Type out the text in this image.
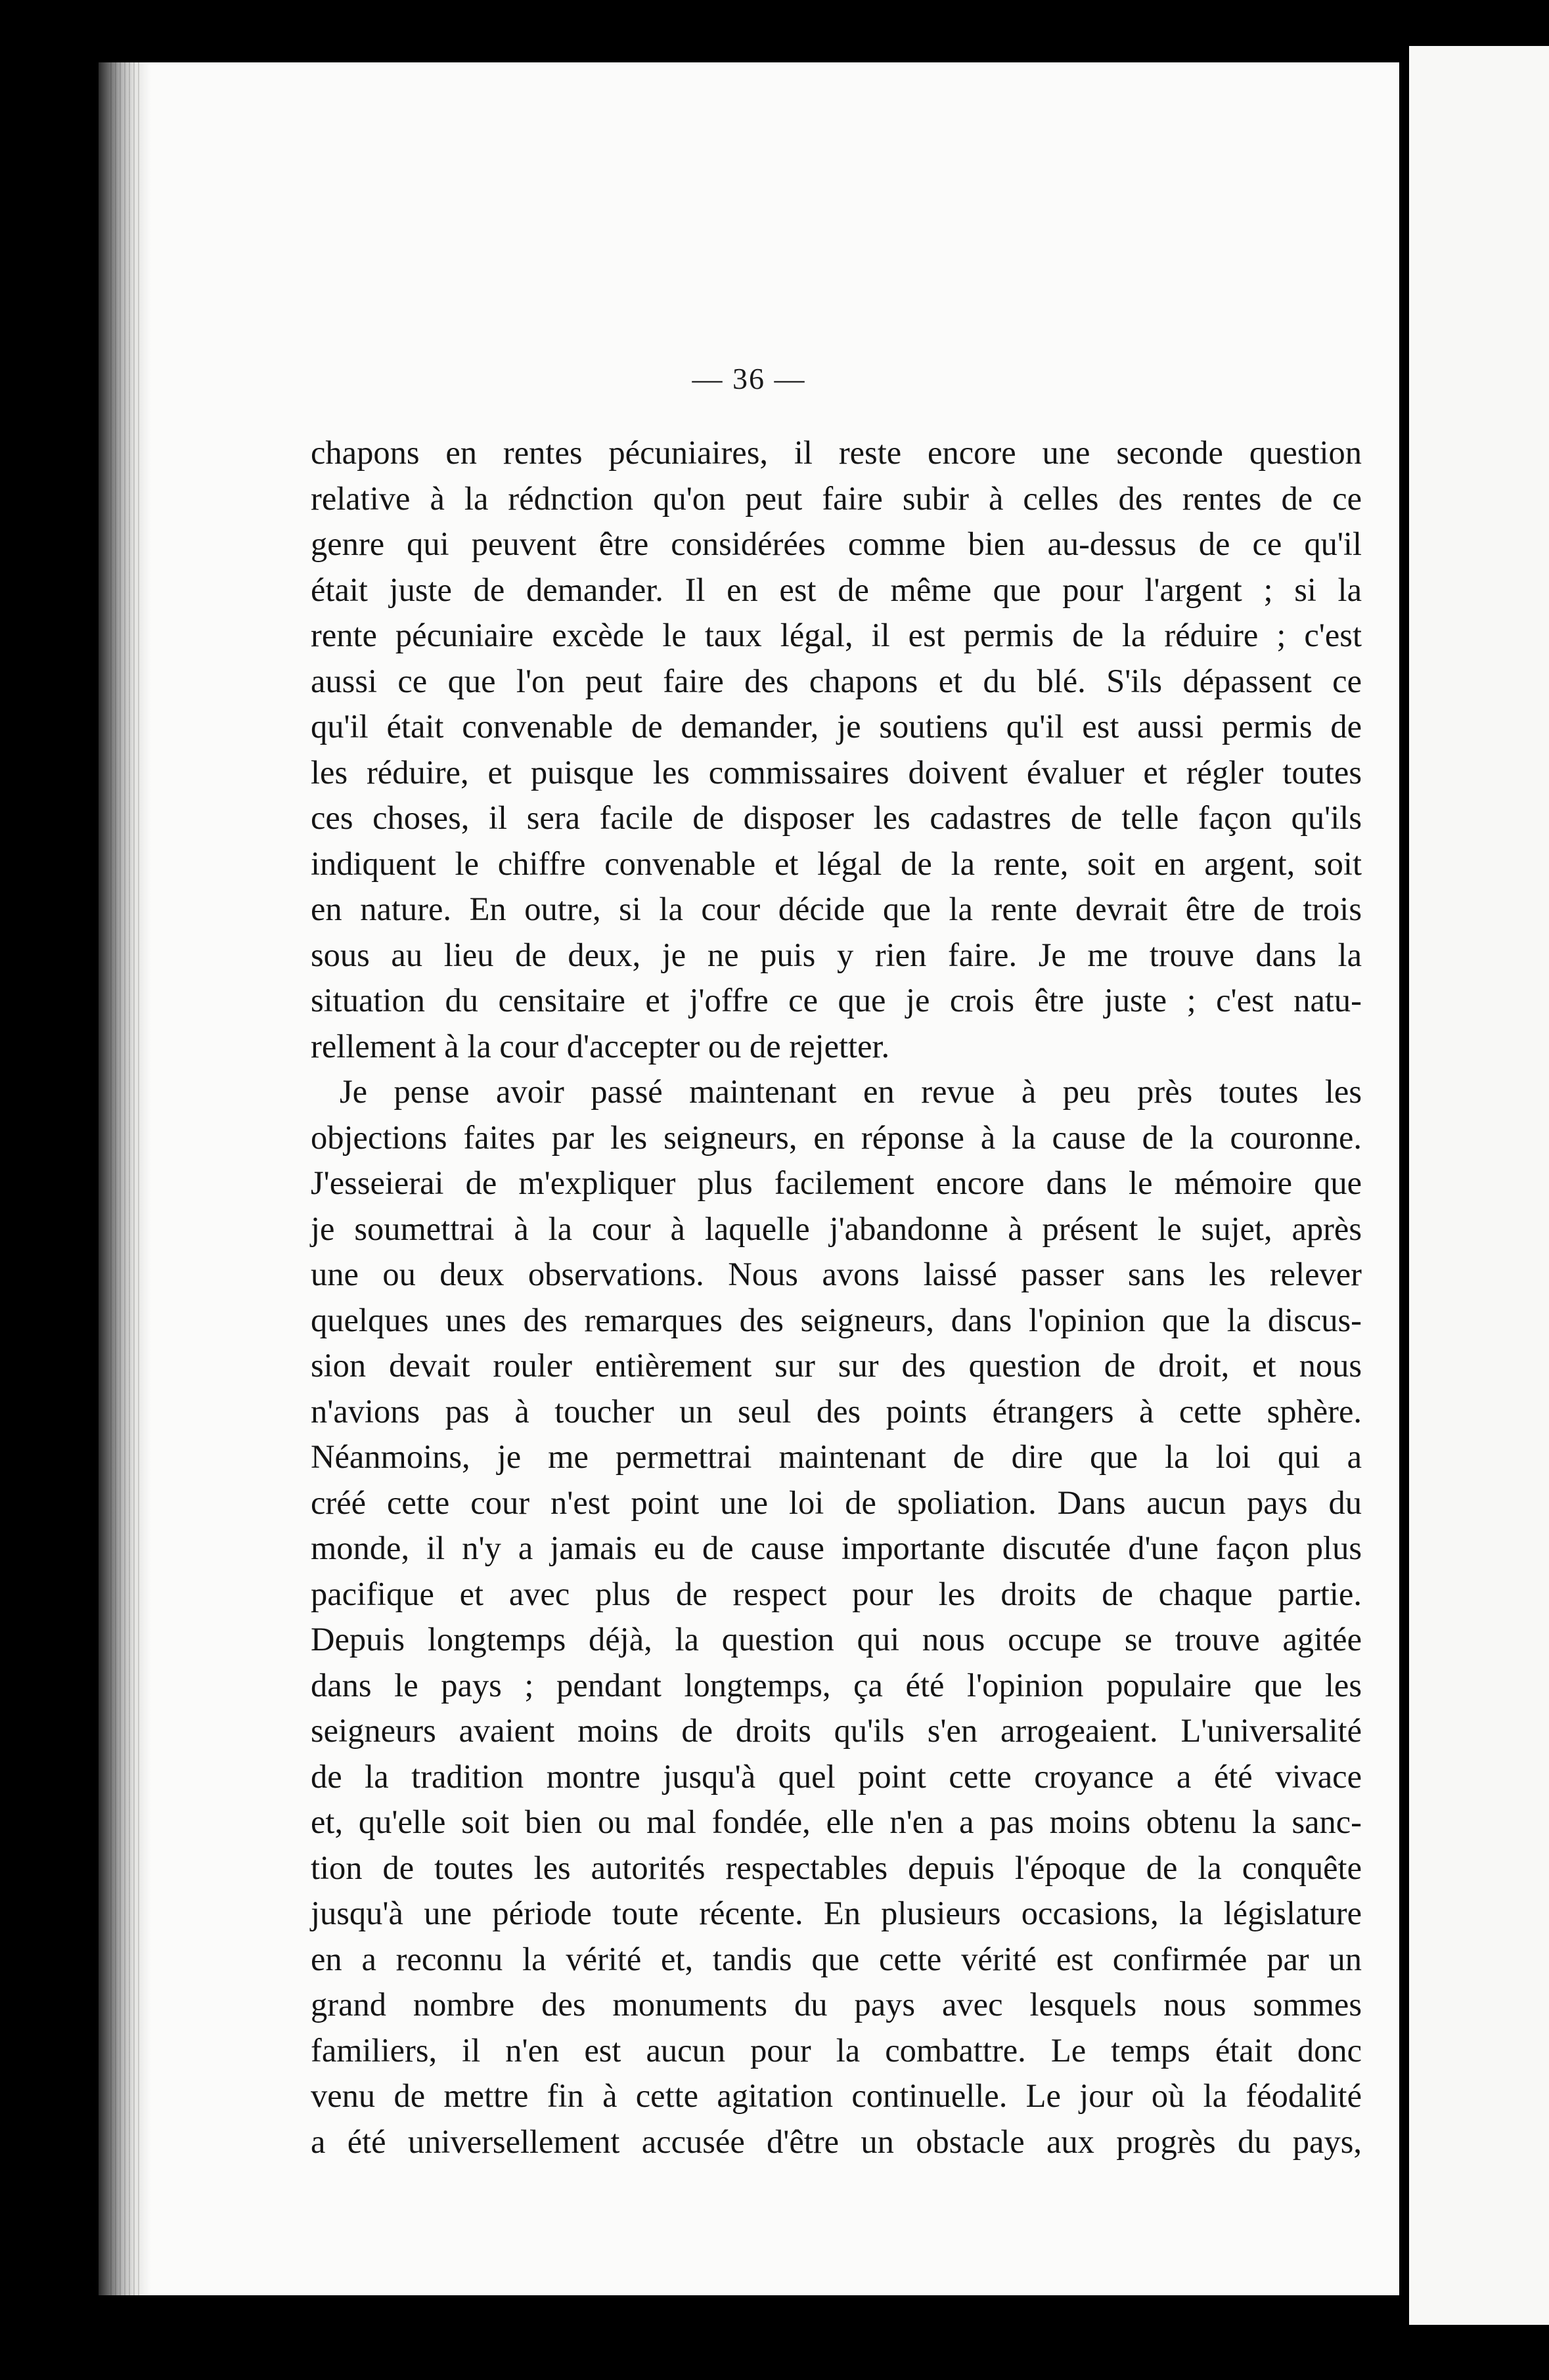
— 36 —
chapons en rentes pécuniaires, il reste encore une seconde question
relative à la rédnction qu'on peut faire subir à celles des rentes de ce
genre qui peuvent être considérées comme bien au-dessus de ce qu'il
était juste de demander. Il en est de même que pour l'argent ; si la
rente pécuniaire excède le taux légal, il est permis de la réduire ; c'est
aussi ce que l'on peut faire des chapons et du blé. S'ils dépassent ce
qu'il était convenable de demander, je soutiens qu'il est aussi permis de
les réduire, et puisque les commissaires doivent évaluer et régler toutes
ces choses, il sera facile de disposer les cadastres de telle façon qu'ils
indiquent le chiffre convenable et légal de la rente, soit en argent, soit
en nature. En outre, si la cour décide que la rente devrait être de trois
sous au lieu de deux, je ne puis y rien faire. Je me trouve dans la
situation du censitaire et j'offre ce que je crois être juste ; c'est natu-
rellement à la cour d'accepter ou de rejetter.
Je pense avoir passé maintenant en revue à peu près toutes les
objections faites par les seigneurs, en réponse à la cause de la couronne.
J'esseierai de m'expliquer plus facilement encore dans le mémoire que
je soumettrai à la cour à laquelle j'abandonne à présent le sujet, après
une ou deux observations. Nous avons laissé passer sans les relever
quelques unes des remarques des seigneurs, dans l'opinion que la discus-
sion devait rouler entièrement sur sur des question de droit, et nous
n'avions pas à toucher un seul des points étrangers à cette sphère.
Néanmoins, je me permettrai maintenant de dire que la loi qui a
créé cette cour n'est point une loi de spoliation. Dans aucun pays du
monde, il n'y a jamais eu de cause importante discutée d'une façon plus
pacifique et avec plus de respect pour les droits de chaque partie.
Depuis longtemps déjà, la question qui nous occupe se trouve agitée
dans le pays ; pendant longtemps, ça été l'opinion populaire que les
seigneurs avaient moins de droits qu'ils s'en arrogeaient. L'universalité
de la tradition montre jusqu'à quel point cette croyance a été vivace
et, qu'elle soit bien ou mal fondée, elle n'en a pas moins obtenu la sanc-
tion de toutes les autorités respectables depuis l'époque de la conquête
jusqu'à une période toute récente. En plusieurs occasions, la législature
en a reconnu la vérité et, tandis que cette vérité est confirmée par un
grand nombre des monuments du pays avec lesquels nous sommes
familiers, il n'en est aucun pour la combattre. Le temps était donc
venu de mettre fin à cette agitation continuelle. Le jour où la féodalité
a été universellement accusée d'être un obstacle aux progrès du pays,
